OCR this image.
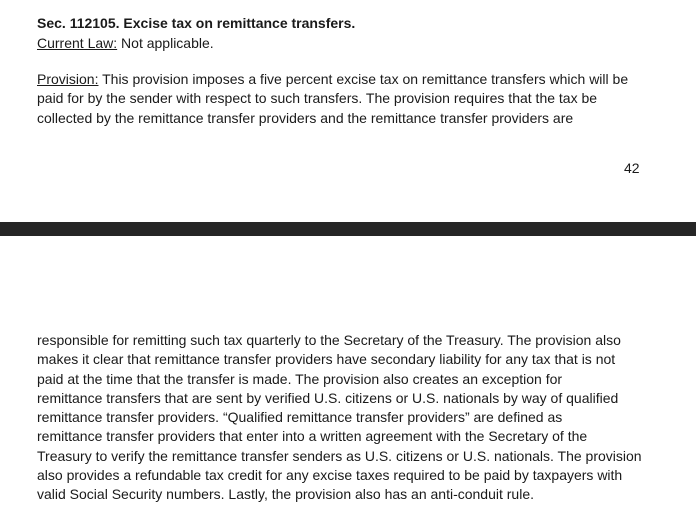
Sec. 112105. Excise tax on remittance transfers.
Current Law: Not applicable.
Provision: This provision imposes a five percent excise tax on remittance transfers which will be
paid for by the sender with respect to such transfers. The provision requires that the tax be
collected by the remittance transfer providers and the remittance transfer providers are
42
responsible for remitting such tax quarterly to the Secretary of the Treasury. The provision also
makes it clear that remittance transfer providers have secondary liability for any tax that is not
paid at the time that the transfer is made. The provision also creates an exception for
remittance transfers that are sent by verified U.S. citizens or U.S. nationals by way of qualified
remittance transfer providers. “Qualified remittance transfer providers” are defined as
remittance transfer providers that enter into a written agreement with the Secretary of the
Treasury to verify the remittance transfer senders as U.S. citizens or U.S. nationals. The provision
also provides a refundable tax credit for any excise taxes required to be paid by taxpayers with
valid Social Security numbers. Lastly, the provision also has an anti-conduit rule.
